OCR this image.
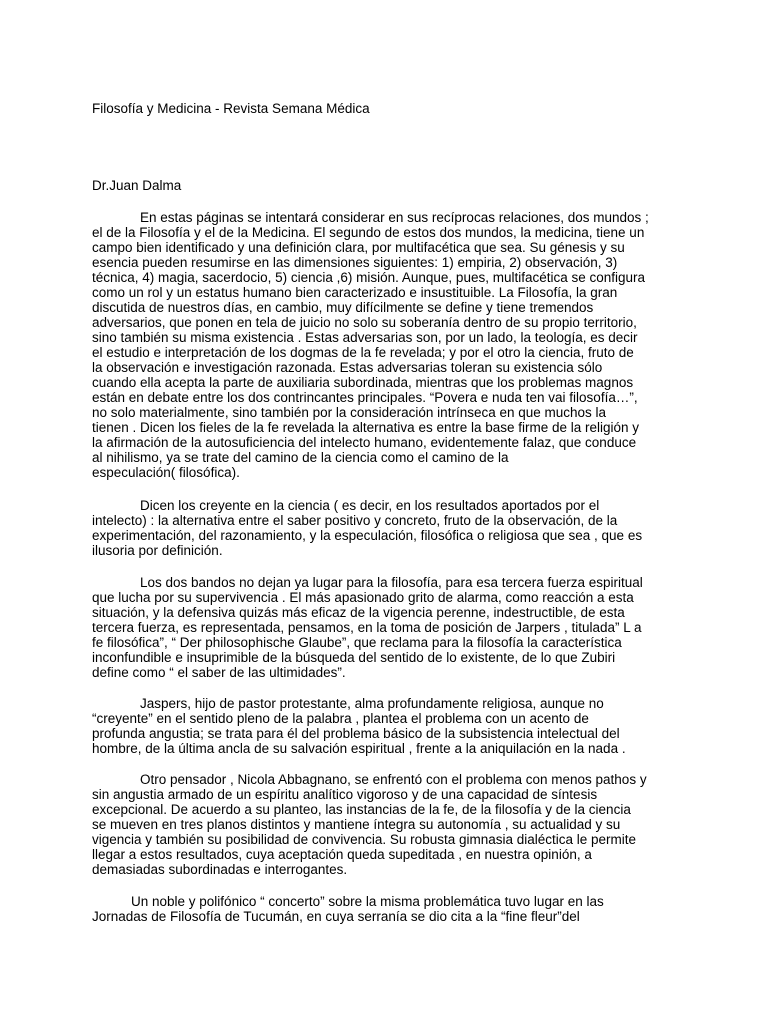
Filosofía y Medicina - Revista Semana Médica
Dr.Juan Dalma
En estas páginas se intentará considerar en sus recíprocas relaciones, dos mundos ;
el de la Filosofía y el de la Medicina. El segundo de estos dos mundos, la medicina, tiene un
campo bien identificado y una definición clara, por multifacética que sea. Su génesis y su
esencia pueden resumirse en las dimensiones siguientes: 1) empiria, 2) observación, 3)
técnica, 4) magia, sacerdocio, 5) ciencia ,6) misión. Aunque, pues, multifacética se configura
como un rol y un estatus humano bien caracterizado e insustituible. La Filosofía, la gran
discutida de nuestros días, en cambio, muy difícilmente se define y tiene tremendos
adversarios, que ponen en tela de juicio no solo su soberanía dentro de su propio territorio,
sino también su misma existencia . Estas adversarias son, por un lado, la teología, es decir
el estudio e interpretación de los dogmas de la fe revelada; y por el otro la ciencia, fruto de
la observación e investigación razonada. Estas adversarias toleran su existencia sólo
cuando ella acepta la parte de auxiliaria subordinada, mientras que los problemas magnos
están en debate entre los dos contrincantes principales. “Povera e nuda ten vai filosofía…”,
no solo materialmente, sino también por la consideración intrínseca en que muchos la
tienen . Dicen los fieles de la fe revelada la alternativa es entre la base firme de la religión y
la afirmación de la autosuficiencia del intelecto humano, evidentemente falaz, que conduce
al nihilismo, ya se trate del camino de la ciencia como el camino de la
especulación( filosófica).
Dicen los creyente en la ciencia ( es decir, en los resultados aportados por el
intelecto) : la alternativa entre el saber positivo y concreto, fruto de la observación, de la
experimentación, del razonamiento, y la especulación, filosófica o religiosa que sea , que es
ilusoria por definición.
Los dos bandos no dejan ya lugar para la filosofía, para esa tercera fuerza espiritual
que lucha por su supervivencia . El más apasionado grito de alarma, como reacción a esta
situación, y la defensiva quizás más eficaz de la vigencia perenne, indestructible, de esta
tercera fuerza, es representada, pensamos, en la toma de posición de Jarpers , titulada” L a
fe filosófica”, “ Der philosophische Glaube”, que reclama para la filosofía la característica
inconfundible e insuprimible de la búsqueda del sentido de lo existente, de lo que Zubiri
define como “ el saber de las ultimidades”.
Jaspers, hijo de pastor protestante, alma profundamente religiosa, aunque no
“creyente” en el sentido pleno de la palabra , plantea el problema con un acento de
profunda angustia; se trata para él del problema básico de la subsistencia intelectual del
hombre, de la última ancla de su salvación espiritual , frente a la aniquilación en la nada .
Otro pensador , Nicola Abbagnano, se enfrentó con el problema con menos pathos y
sin angustia armado de un espíritu analítico vigoroso y de una capacidad de síntesis
excepcional. De acuerdo a su planteo, las instancias de la fe, de la filosofía y de la ciencia
se mueven en tres planos distintos y mantiene íntegra su autonomía , su actualidad y su
vigencia y también su posibilidad de convivencia. Su robusta gimnasia dialéctica le permite
llegar a estos resultados, cuya aceptación queda supeditada , en nuestra opinión, a
demasiadas subordinadas e interrogantes.
Un noble y polifónico “ concerto” sobre la misma problemática tuvo lugar en las
Jornadas de Filosofía de Tucumán, en cuya serranía se dio cita a la “fine fleur”del
